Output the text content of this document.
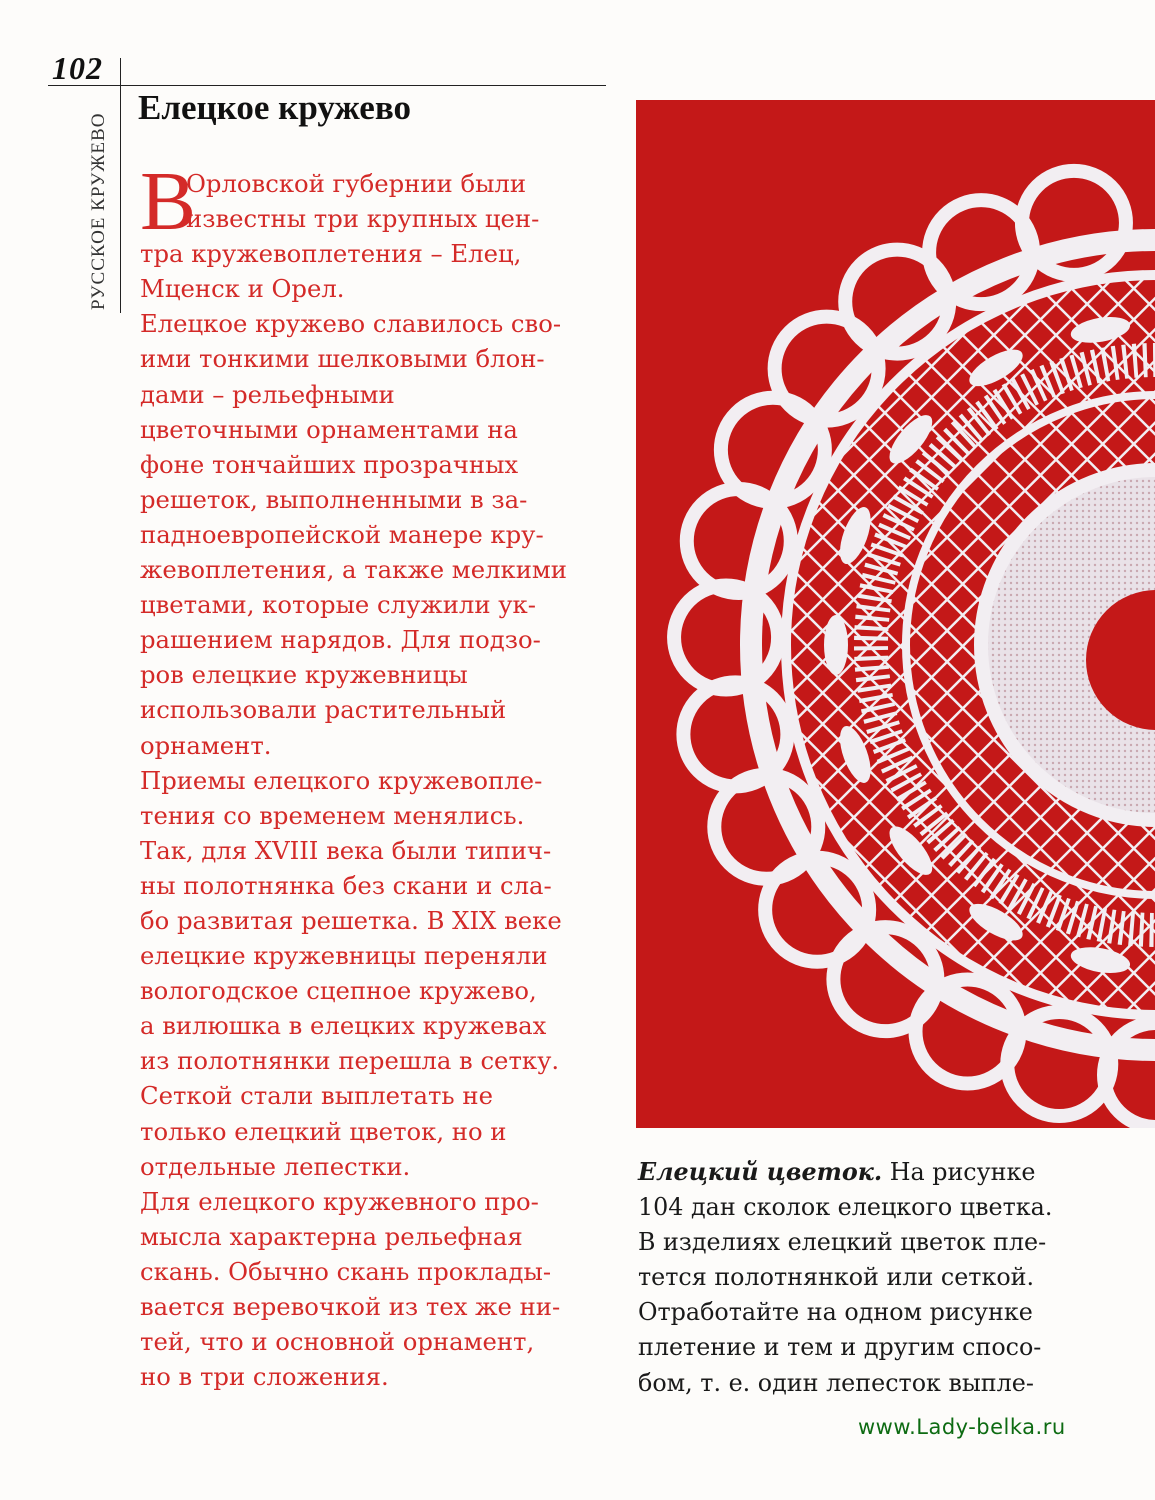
102
РУССКОЕ КРУЖЕВО
Елецкое кружево
В
Орловской губернии были
известны три крупных цен-
тра кружевоплетения – Елец,
Мценск и Орел.
Елецкое кружево славилось сво-
ими тонкими шелковыми блон-
дами – рельефными
цветочными орнаментами на
фоне тончайших прозрачных
решеток, выполненными в за-
падноевропейской манере кру-
жевоплетения, а также мелкими
цветами, которые служили ук-
рашением нарядов. Для подзо-
ров елецкие кружевницы
использовали растительный
орнамент.
Приемы елецкого кружевопле-
тения со временем менялись.
Так, для XVIII века были типич-
ны полотнянка без скани и сла-
бо развитая решетка. В XIX веке
елецкие кружевницы переняли
вологодское сцепное кружево,
а вилюшка в елецких кружевах
из полотнянки перешла в сетку.
Сеткой стали выплетать не
только елецкий цветок, но и
отдельные лепестки.
Для елецкого кружевного про-
мысла характерна рельефная
скань. Обычно скань проклады-
вается веревочкой из тех же ни-
тей, что и основной орнамент,
но в три сложения.
Елецкий цветок. На рисунке
104 дан сколок елецкого цветка.
В изделиях елецкий цветок пле-
тется полотнянкой или сеткой.
Отработайте на одном рисунке
плетение и тем и другим спосо-
бом, т. е. один лепесток выпле-
www.Lady-belka.ru
